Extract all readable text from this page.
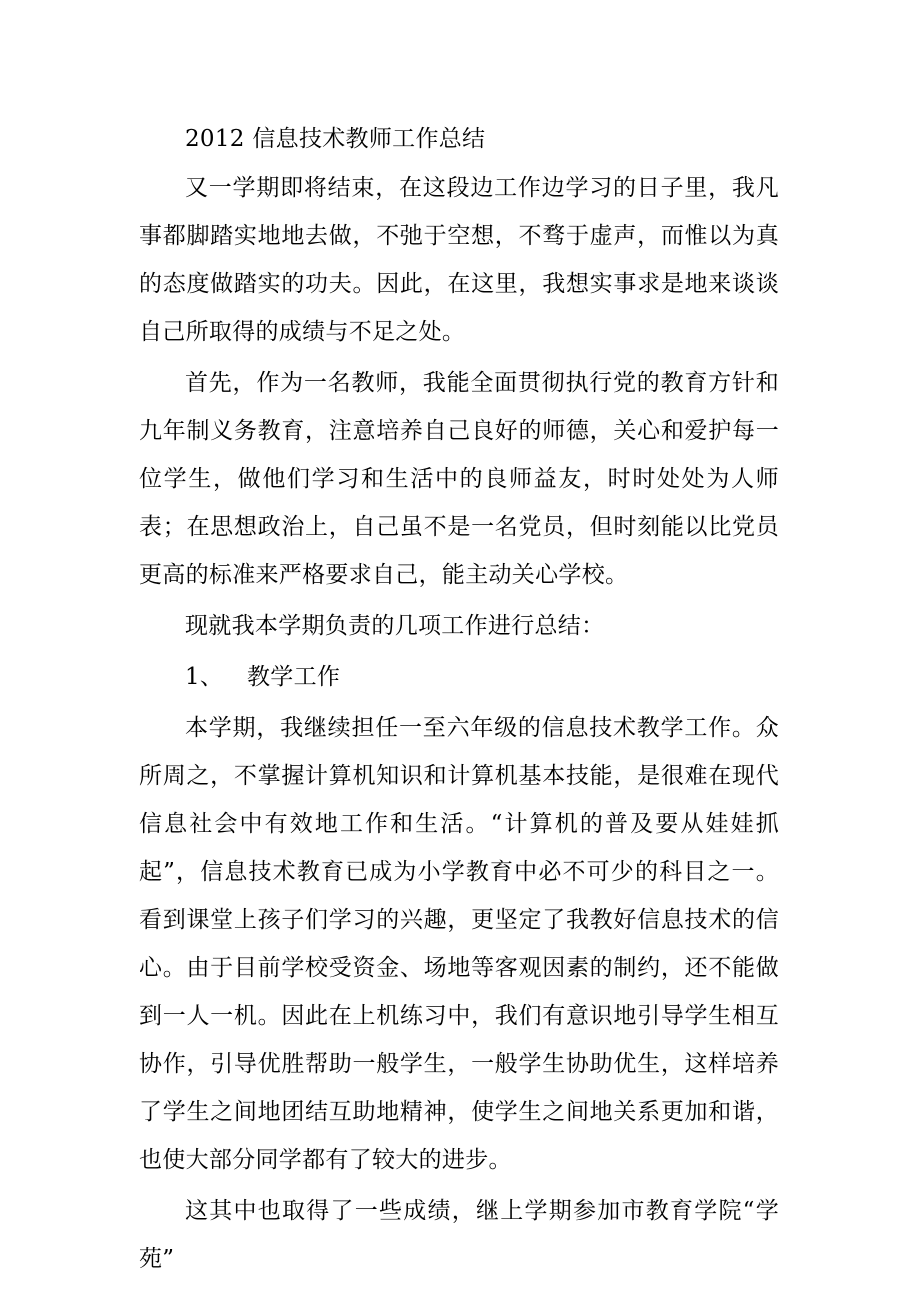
2012 信息技术教师工作总结

又一学期即将结束，在这段边工作边学习的日子里，我凡事都脚踏实地地去做，不弛于空想，不骛于虚声，而惟以为真的态度做踏实的功夫。因此，在这里，我想实事求是地来谈谈自己所取得的成绩与不足之处。

首先，作为一名教师，我能全面贯彻执行党的教育方针和九年制义务教育，注意培养自己良好的师德，关心和爱护每一位学生，做他们学习和生活中的良师益友，时时处处为人师表；在思想政治上，自己虽不是一名党员，但时刻能以比党员更高的标准来严格要求自己，能主动关心学校。

现就我本学期负责的几项工作进行总结：

1、 教学工作

本学期，我继续担任一至六年级的信息技术教学工作。众所周之，不掌握计算机知识和计算机基本技能，是很难在现代信息社会中有效地工作和生活。“计算机的普及要从娃娃抓起”，信息技术教育已成为小学教育中必不可少的科目之一。看到课堂上孩子们学习的兴趣，更坚定了我教好信息技术的信心。由于目前学校受资金、场地等客观因素的制约，还不能做到一人一机。因此在上机练习中，我们有意识地引导学生相互协作，引导优胜帮助一般学生，一般学生协助优生，这样培养了学生之间地团结互助地精神，使学生之间地关系更加和谐，也使大部分同学都有了较大的进步。

这其中也取得了一些成绩，继上学期参加市教育学院“学苑”
